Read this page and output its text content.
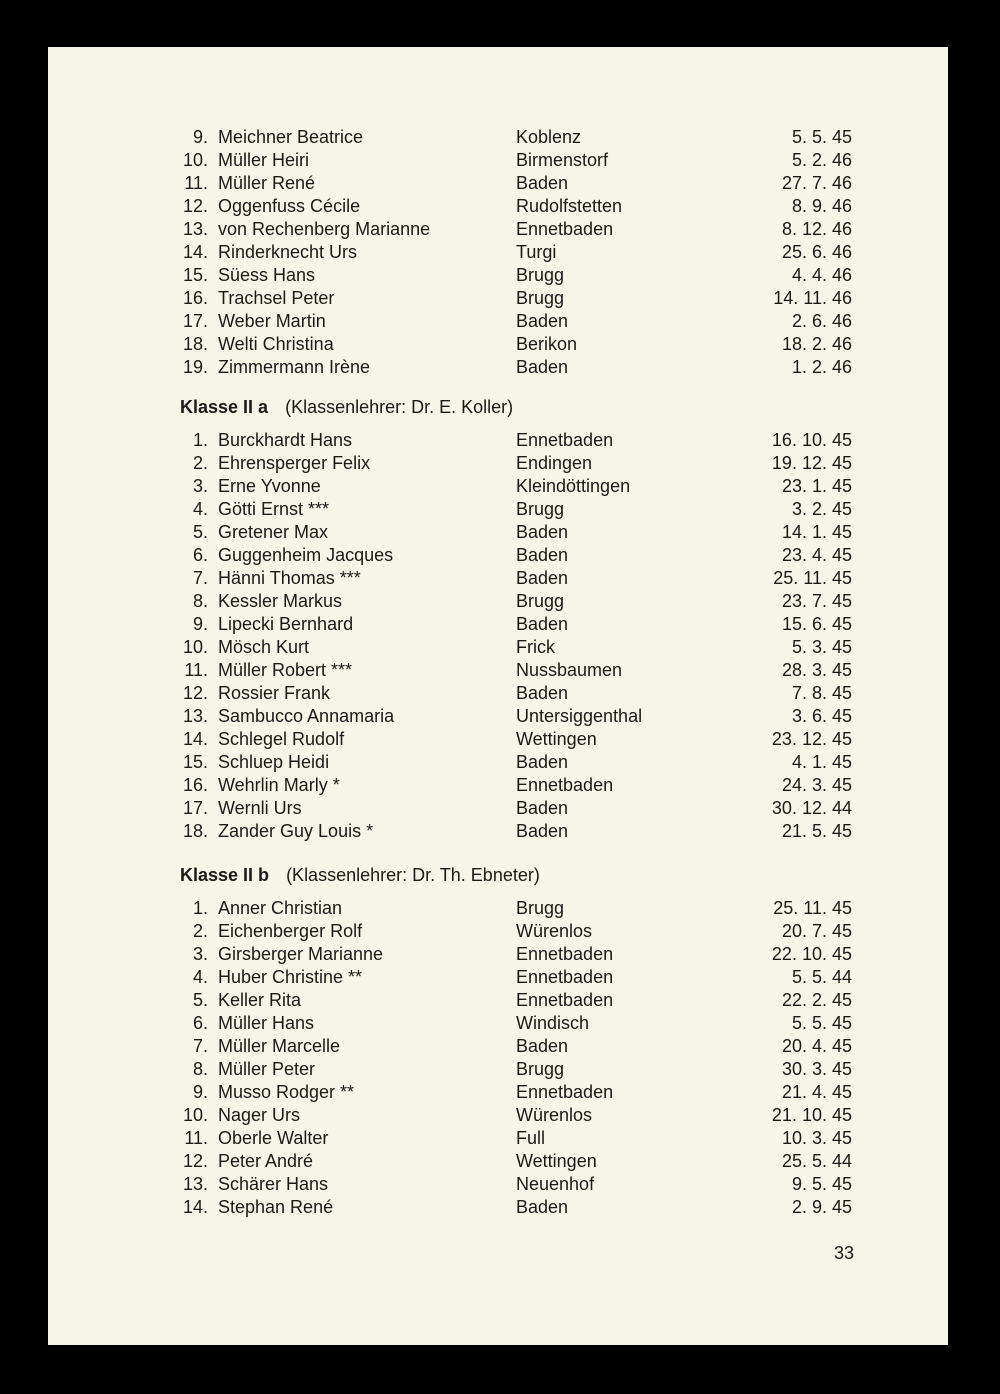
9. Meichner Beatrice	Koblenz	5. 5. 45
10. Müller Heiri	Birmenstorf	5. 2. 46
11. Müller René	Baden	27. 7. 46
12. Oggenfuss Cécile	Rudolfstetten	8. 9. 46
13. von Rechenberg Marianne	Ennetbaden	8. 12. 46
14. Rinderknecht Urs	Turgi	25. 6. 46
15. Süess Hans	Brugg	4. 4. 46
16. Trachsel Peter	Brugg	14. 11. 46
17. Weber Martin	Baden	2. 6. 46
18. Welti Christina	Berikon	18. 2. 46
19. Zimmermann Irène	Baden	1. 2. 46
Klasse II a (Klassenlehrer: Dr. E. Koller)
1. Burckhardt Hans	Ennetbaden	16. 10. 45
2. Ehrensperger Felix	Endingen	19. 12. 45
3. Erne Yvonne	Kleindöttingen	23. 1. 45
4. Götti Ernst ***	Brugg	3. 2. 45
5. Gretener Max	Baden	14. 1. 45
6. Guggenheim Jacques	Baden	23. 4. 45
7. Hänni Thomas ***	Baden	25. 11. 45
8. Kessler Markus	Brugg	23. 7. 45
9. Lipecki Bernhard	Baden	15. 6. 45
10. Mösch Kurt	Frick	5. 3. 45
11. Müller Robert ***	Nussbaumen	28. 3. 45
12. Rossier Frank	Baden	7. 8. 45
13. Sambucco Annamaria	Untersiggenthal	3. 6. 45
14. Schlegel Rudolf	Wettingen	23. 12. 45
15. Schluep Heidi	Baden	4. 1. 45
16. Wehrlin Marly *	Ennetbaden	24. 3. 45
17. Wernli Urs	Baden	30. 12. 44
18. Zander Guy Louis *	Baden	21. 5. 45
Klasse II b (Klassenlehrer: Dr. Th. Ebneter)
1. Anner Christian	Brugg	25. 11. 45
2. Eichenberger Rolf	Würenlos	20. 7. 45
3. Girsberger Marianne	Ennetbaden	22. 10. 45
4. Huber Christine **	Ennetbaden	5. 5. 44
5. Keller Rita	Ennetbaden	22. 2. 45
6. Müller Hans	Windisch	5. 5. 45
7. Müller Marcelle	Baden	20. 4. 45
8. Müller Peter	Brugg	30. 3. 45
9. Musso Rodger **	Ennetbaden	21. 4. 45
10. Nager Urs	Würenlos	21. 10. 45
11. Oberle Walter	Full	10. 3. 45
12. Peter André	Wettingen	25. 5. 44
13. Schärer Hans	Neuenhof	9. 5. 45
14. Stephan René	Baden	2. 9. 45
33
